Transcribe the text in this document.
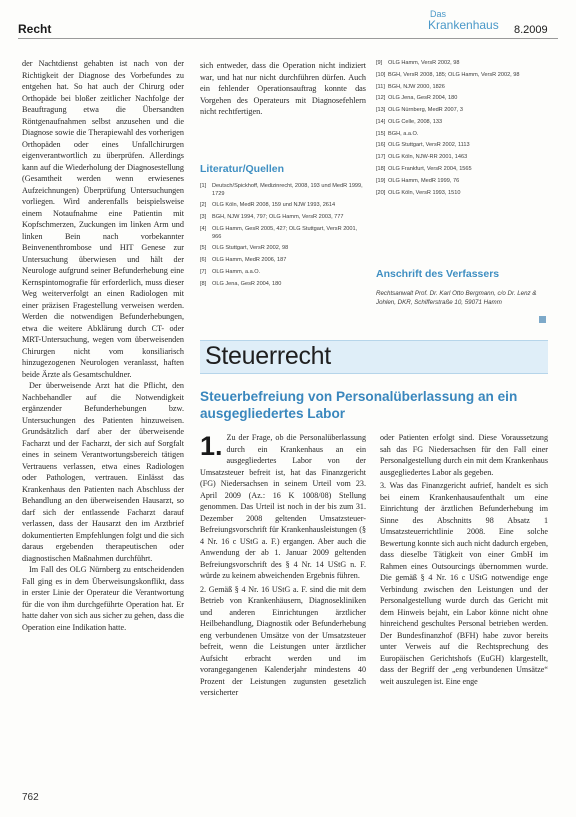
Recht
Das
Krankenhaus 8.2009

der Nachtdienst gehabten ist nach von der Richtigkeit der Diagnose des Vorbefundes zu entgehen hat. So hat auch der Chirurg oder Orthopäde bei bloßer zeitlicher Nachfolge der Beauftragung etwa die Übersandten Röntgenaufnahmen selbst anzusehen und die Diagnose sowie die Therapiewahl des vorherigen Orthopäden oder eines Unfallchirurgen eigenverantwortlich zu überprüfen. Allerdings kann auf die Wiederholung der Diagnosestellung (Gesamtheit werden wenn erwiesenes Aufzeichnungen) Überprüfung Untersuchungen vorliegen. Wird anderenfalls beispielsweise einem Notaufnahme eine Patientin mit Kopfschmerzen, Zuckungen im linken Arm und linken Bein nach vorbekannter Beinvenenthrombose und HIT Genese zur Untersuchung überwiesen und hält der Neurologe aufgrund seiner Befunderhebung eine Kernspintomografie für erforderlich, muss dieser Weg weiterverfolgt an einen Radiologen mit einer präzisen Fragestellung verweisen werden. Werden die notwendigen Befunderhebungen, etwa die weitere Abklärung durch CT- oder MRT-Untersuchung, wegen vom überweisenden Chirurgen nicht vom konsiliarisch hinzugezogenen Neurologen veranlasst, haften beide Ärzte als Gesamtschuldner.

Der überweisende Arzt hat die Pflicht, den Nachbehandler auf die Notwendigkeit ergänzender Befunderhebungen bzw. Untersuchungen des Patienten hinzuweisen. Grundsätzlich darf aber der überweisende Facharzt und der Facharzt, der sich auf Sorgfalt eines in seinem Verantwortungsbereich tätigen Vertrauens verlassen, etwa eines Radiologen oder Pathologen, vertrauen. Einlässt das Krankenhaus den Patienten nach Abschluss der Behandlung an den überweisenden Hausarzt, so darf sich der entlassende Facharzt darauf verlassen, dass der Hausarzt den im Arztbrief dokumentierten Empfehlungen folgt und die sich daraus ergebenden therapeutischen oder diagnostischen Maßnahmen durchführt.

Im Fall des OLG Nürnberg zu entscheidenden Fall ging es in dem Überweisungskonflikt, dass in erster Linie der Operateur die Verantwortung für die von ihm durchgeführte Operation hat. Er hatte daher von sich aus sicher zu gehen, dass die Operation eine Indikation hatte.

sich entweder, dass die Operation nicht indiziert war, und hat nur nicht durchführen dürfen. Auch ein fehlender Operationsauftrag konnte das Vorgehen des Operateurs mit Diagnosefehlern nicht rechtfertigen.

Literatur/Quellen
[1]	Deutsch/Spickhoff, Medizinrecht, 2008, 193 und MedR 1999, 1729
[2]	OLG Köln, MedR 2008, 159 und NJW 1993, 2614
[3]	BGH, NJW 1994, 797; OLG Hamm, VersR 2003, 777
[4]	OLG Hamm, GesR 2005, 427; OLG Stuttgart, VersR 2001, 966
[5]	OLG Stuttgart, VersR 2002, 98
[6]	OLG Hamm, MedR 2006, 187
[7]	OLG Hamm, a.a.O.
[8]	OLG Jena, GesR 2004, 180
[9]	OLG Hamm, VersR 2002, 98
[10] BGH, VersR 2008, 185; OLG Hamm, VersR 2002, 98
[11] BGH, NJW 2000, 1826
[12] OLG Jena, GesR 2004, 180
[13] OLG Nürnberg, MedR 2007, 3
[14] OLG Celle, 2008, 133
[15] BGH, a.a.O.
[16] OLG Stuttgart, VersR 2002, 1113
[17] OLG Köln, NJW-RR 2001, 1463
[18] OLG Frankfurt, VersR 2004, 1565
[19] OLG Hamm, MedR 1999, 76
[20] OLG Köln, VersR 1993, 1510
Anschrift des Verfassers
Rechtsanwalt Prof. Dr. Karl Otto Bergmann, c/o Dr. Lenz & Johlen, DKR, Schifferstraße 10, 59071 Hamm
Steuerrecht
Steuerbefreiung von Personalüberlassung an ein ausgegliedertes Labor
1. Zu der Frage, ob die Personalüberlassung durch ein Krankenhaus an ein ausgegliedertes Labor von der Umsatzsteuer befreit ist, hat das Finanzgericht (FG) Niedersachsen in seinem Urteil vom 23. April 2009 (Az.: 16 K 1008/08) Stellung genommen. Das Urteil ist noch in der bis zum 31. Dezember 2008 geltenden Umsatzsteuer-Befreiungsvorschrift für Krankenhausleistungen (§ 4 Nr. 16 c UStG a. F.) ergangen. Aber auch die Anwendung der ab 1. Januar 2009 geltenden Befreiungsvorschrift des § 4 Nr. 14 UStG n. F. würde zu keinem abweichenden Ergebnis führen.

2. Gemäß § 4 Nr. 16 UStG a. F. sind die mit dem Betrieb von Krankenhäusern, Diagnosekliniken und anderen Einrichtungen ärztlicher Heilbehandlung, Diagnostik oder Befunderhebung eng verbundenen Umsätze von der Umsatzsteuer befreit, wenn die Leistungen unter ärztlicher Aufsicht erbracht werden und im vorangegangenen Kalenderjahr mindestens 40 Prozent der Leistungen zugunsten gesetzlich versicherter

oder Patienten erfolgt sind. Diese Voraussetzung sah das FG Niedersachsen für den Fall einer Personalgestellung durch ein mit dem Krankenhaus ausgegliedertes Labor als gegeben.

3. Was das Finanzgericht aufrief, handelt es sich bei einem Krankenhausaufenthalt um eine Einrichtung der ärztlichen Befunderhebung im Sinne des Abschnitts 98 Absatz 1 Umsatzsteuerrichtlinie 2008. Eine solche Bewertung konnte sich auch nicht dadurch ergeben, dass dieselbe Tätigkeit von einer GmbH im Rahmen eines Outsourcings übernommen wurde. Die gemäß § 4 Nr. 16 c UStG notwendige enge Verbindung zwischen den Leistungen und der Personalgestellung wurde durch das Gericht mit dem Hinweis bejaht, ein Labor könne nicht ohne hinreichend geschultes Personal betrieben werden. Der Bundesfinanzhof (BFH) habe zuvor bereits unter Verweis auf die Rechtsprechung des Europäischen Gerichtshofs (EuGH) klargestellt, dass der Begriff der „eng verbundenen Umsätze“ weit auszulegen ist. Eine enge

762
